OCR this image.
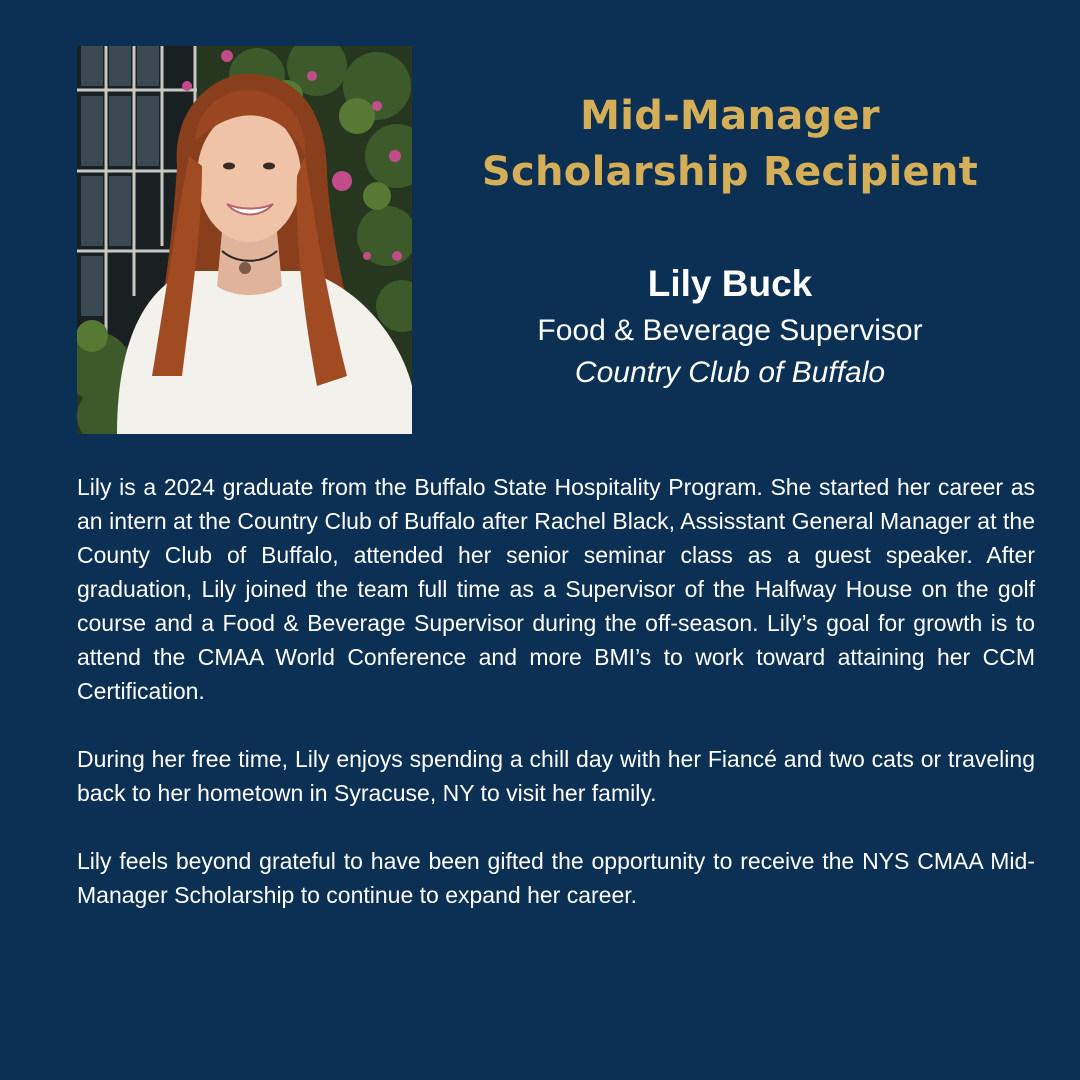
Mid-Manager
Scholarship Recipient
Lily Buck
Food & Beverage Supervisor
Country Club of Buffalo

Lily is a 2024 graduate from the Buffalo State Hospitality Program. She started her career as an intern at the Country Club of Buffalo after Rachel Black, Assisstant General Manager at the County Club of Buffalo, attended her senior seminar class as a guest speaker. After graduation, Lily joined the team full time as a Supervisor of the Halfway House on the golf course and a Food & Beverage Supervisor during the off-season. Lily’s goal for growth is to attend the CMAA World Conference and more BMI’s to work toward attaining her CCM Certification.

During her free time, Lily enjoys spending a chill day with her Fiancé and two cats or traveling back to her hometown in Syracuse, NY to visit her family.

Lily feels beyond grateful to have been gifted the opportunity to receive the NYS CMAA Mid-Manager Scholarship to continue to expand her career.
